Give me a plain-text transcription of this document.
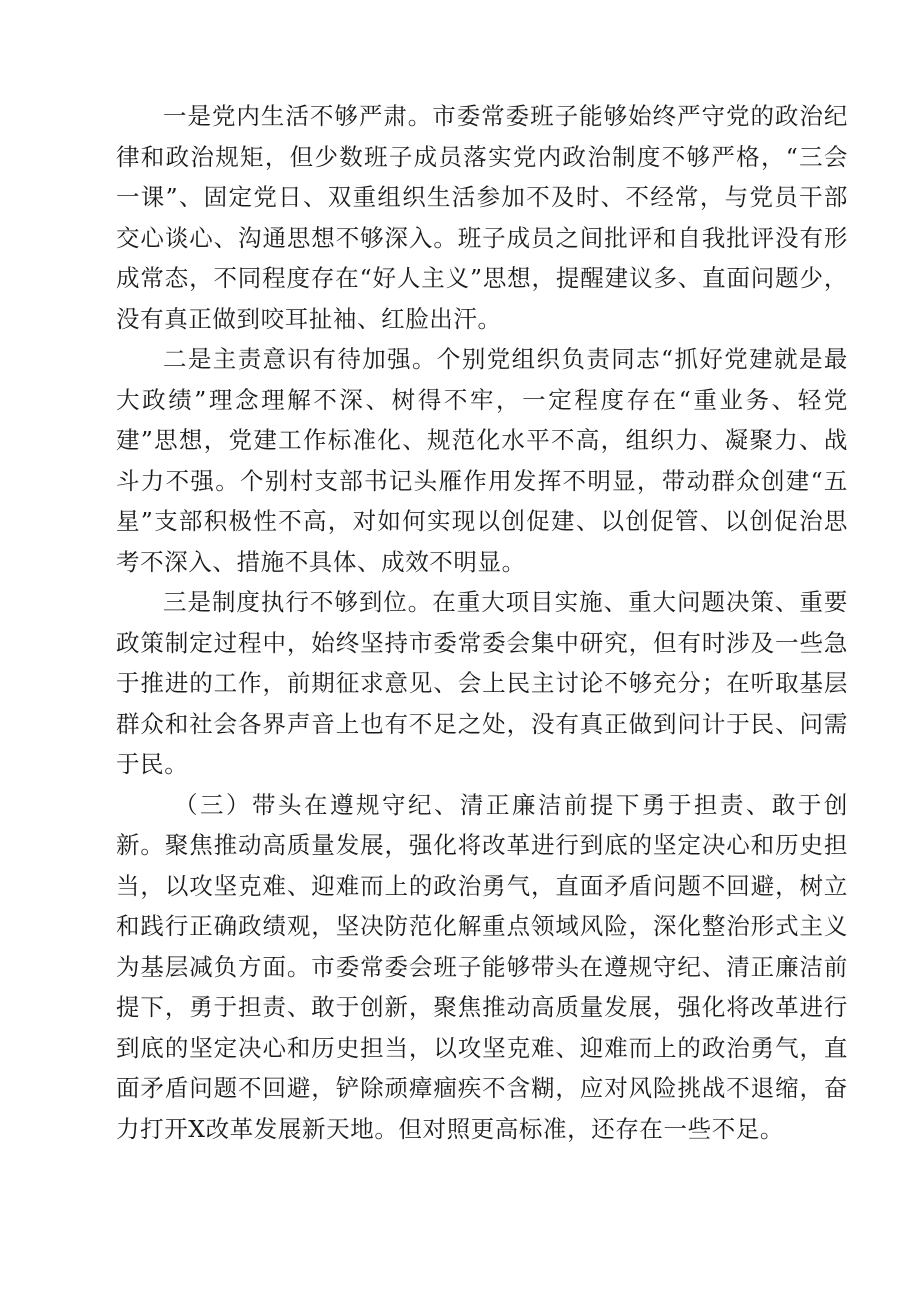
一是党内生活不够严肃。市委常委班子能够始终严守党的政治纪律和政治规矩，但少数班子成员落实党内政治制度不够严格，“三会一课”、固定党日、双重组织生活参加不及时、不经常，与党员干部交心谈心、沟通思想不够深入。班子成员之间批评和自我批评没有形成常态，不同程度存在“好人主义”思想，提醒建议多、直面问题少，没有真正做到咬耳扯袖、红脸出汗。

二是主责意识有待加强。个别党组织负责同志“抓好党建就是最大政绩”理念理解不深、树得不牢，一定程度存在“重业务、轻党建”思想，党建工作标准化、规范化水平不高，组织力、凝聚力、战斗力不强。个别村支部书记头雁作用发挥不明显，带动群众创建“五星”支部积极性不高，对如何实现以创促建、以创促管、以创促治思考不深入、措施不具体、成效不明显。

三是制度执行不够到位。在重大项目实施、重大问题决策、重要政策制定过程中，始终坚持市委常委会集中研究，但有时涉及一些急于推进的工作，前期征求意见、会上民主讨论不够充分；在听取基层群众和社会各界声音上也有不足之处，没有真正做到问计于民、问需于民。

（三）带头在遵规守纪、清正廉洁前提下勇于担责、敢于创新。聚焦推动高质量发展，强化将改革进行到底的坚定决心和历史担当，以攻坚克难、迎难而上的政治勇气，直面矛盾问题不回避，树立和践行正确政绩观，坚决防范化解重点领域风险，深化整治形式主义为基层减负方面。市委常委会班子能够带头在遵规守纪、清正廉洁前提下，勇于担责、敢于创新，聚焦推动高质量发展，强化将改革进行到底的坚定决心和历史担当，以攻坚克难、迎难而上的政治勇气，直面矛盾问题不回避，铲除顽瘴痼疾不含糊，应对风险挑战不退缩，奋力打开X改革发展新天地。但对照更高标准，还存在一些不足。
